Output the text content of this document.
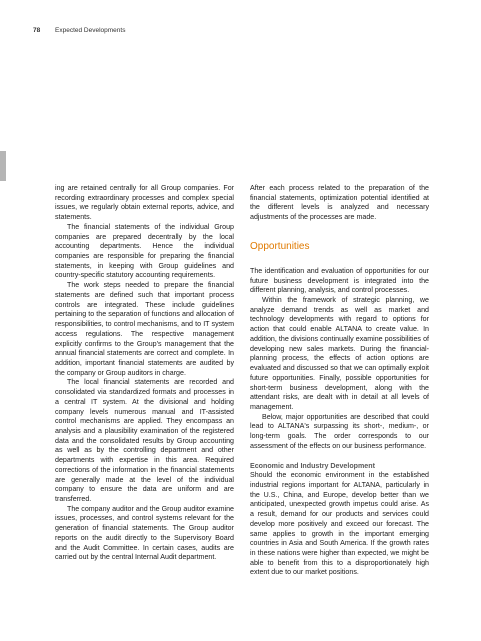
78 Expected Developments

ing are retained centrally for all Group companies. For recording extraordinary processes and complex special issues, we regularly obtain external reports, advice, and statements.

The financial statements of the individual Group companies are prepared decentrally by the local accounting departments. Hence the individual companies are responsible for preparing the financial statements, in keeping with Group guidelines and country-specific statutory accounting requirements.

The work steps needed to prepare the financial statements are defined such that important process controls are integrated. These include guidelines pertaining to the separation of functions and allocation of responsibilities, to control mechanisms, and to IT system access regulations. The respective management explicitly confirms to the Group's management that the annual financial statements are correct and complete. In addition, important financial statements are audited by the company or Group auditors in charge.

The local financial statements are recorded and consolidated via standardized formats and processes in a central IT system. At the divisional and holding company levels numerous manual and IT-assisted control mechanisms are applied. They encompass an analysis and a plausibility examination of the registered data and the consolidated results by Group accounting as well as by the controlling department and other departments with expertise in this area. Required corrections of the information in the financial statements are generally made at the level of the individual company to ensure the data are uniform and are transferred.

The company auditor and the Group auditor examine issues, processes, and control systems relevant for the generation of financial statements. The Group auditor reports on the audit directly to the Supervisory Board and the Audit Committee. In certain cases, audits are carried out by the central Internal Audit department.

After each process related to the preparation of the financial statements, optimization potential identified at the different levels is analyzed and necessary adjustments of the processes are made.

Opportunities

The identification and evaluation of opportunities for our future business development is integrated into the different planning, analysis, and control processes.

Within the framework of strategic planning, we analyze demand trends as well as market and technology developments with regard to options for action that could enable ALTANA to create value. In addition, the divisions continually examine possibilities of developing new sales markets. During the financial-planning process, the effects of action options are evaluated and discussed so that we can optimally exploit future opportunities. Finally, possible opportunities for short-term business development, along with the attendant risks, are dealt with in detail at all levels of management.

Below, major opportunities are described that could lead to ALTANA's surpassing its short-, medium-, or long-term goals. The order corresponds to our assessment of the effects on our business performance.

Economic and Industry Development

Should the economic environment in the established industrial regions important for ALTANA, particularly in the U.S., China, and Europe, develop better than we anticipated, unexpected growth impetus could arise. As a result, demand for our products and services could develop more positively and exceed our forecast. The same applies to growth in the important emerging countries in Asia and South America. If the growth rates in these nations were higher than expected, we might be able to benefit from this to a disproportionately high extent due to our market positions.
